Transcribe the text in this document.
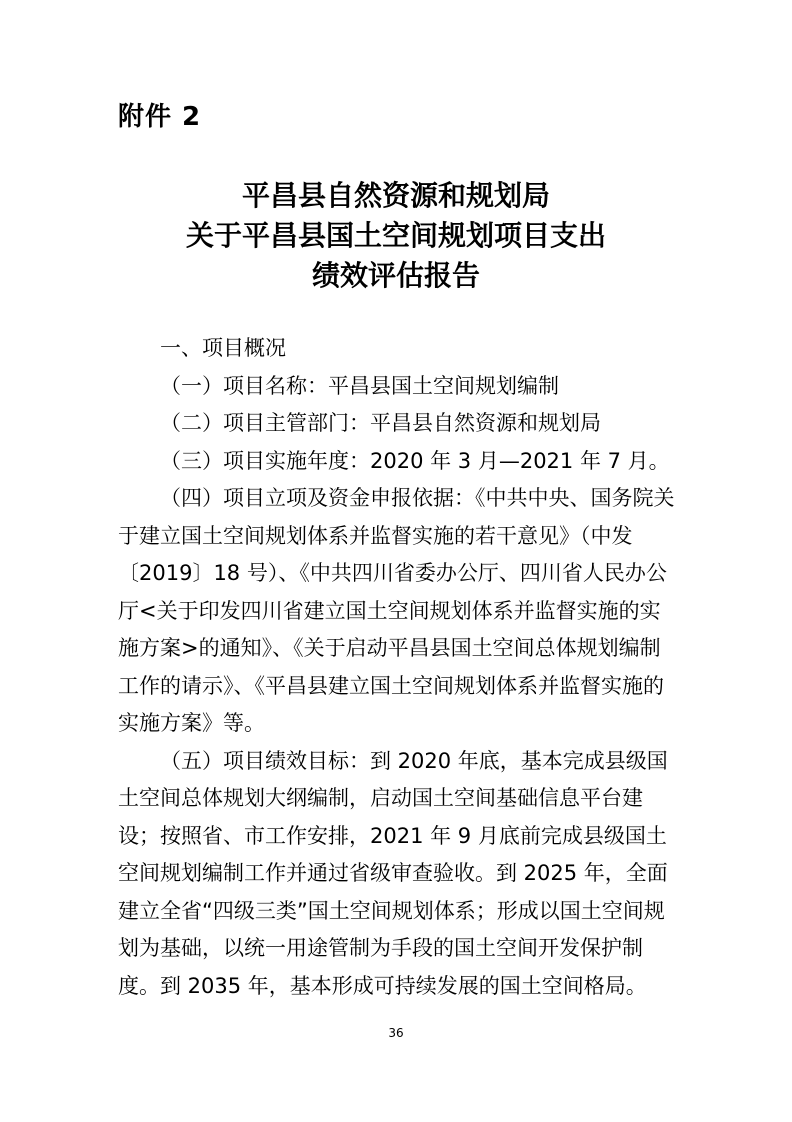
附件 2
平昌县自然资源和规划局
关于平昌县国土空间规划项目支出
绩效评估报告

一、项目概况

（一）项目名称：平昌县国土空间规划编制

（二）项目主管部门：平昌县自然资源和规划局

（三）项目实施年度：2020 年 3 月—2021 年 7 月。

（四）项目立项及资金申报依据：《中共中央、国务院关于建立国土空间规划体系并监督实施的若干意见》（中发〔2019〕18 号）、《中共四川省委办公厅、四川省人民办公厅<关于印发四川省建立国土空间规划体系并监督实施的实施方案>的通知》、《关于启动平昌县国土空间总体规划编制工作的请示》、《平昌县建立国土空间规划体系并监督实施的实施方案》等。

（五）项目绩效目标：到 2020 年底，基本完成县级国土空间总体规划大纲编制，启动国土空间基础信息平台建设；按照省、市工作安排，2021 年 9 月底前完成县级国土空间规划编制工作并通过省级审查验收。到 2025 年，全面建立全省“四级三类”国土空间规划体系；形成以国土空间规划为基础，以统一用途管制为手段的国土空间开发保护制度。到 2035 年，基本形成可持续发展的国土空间格局。

36
